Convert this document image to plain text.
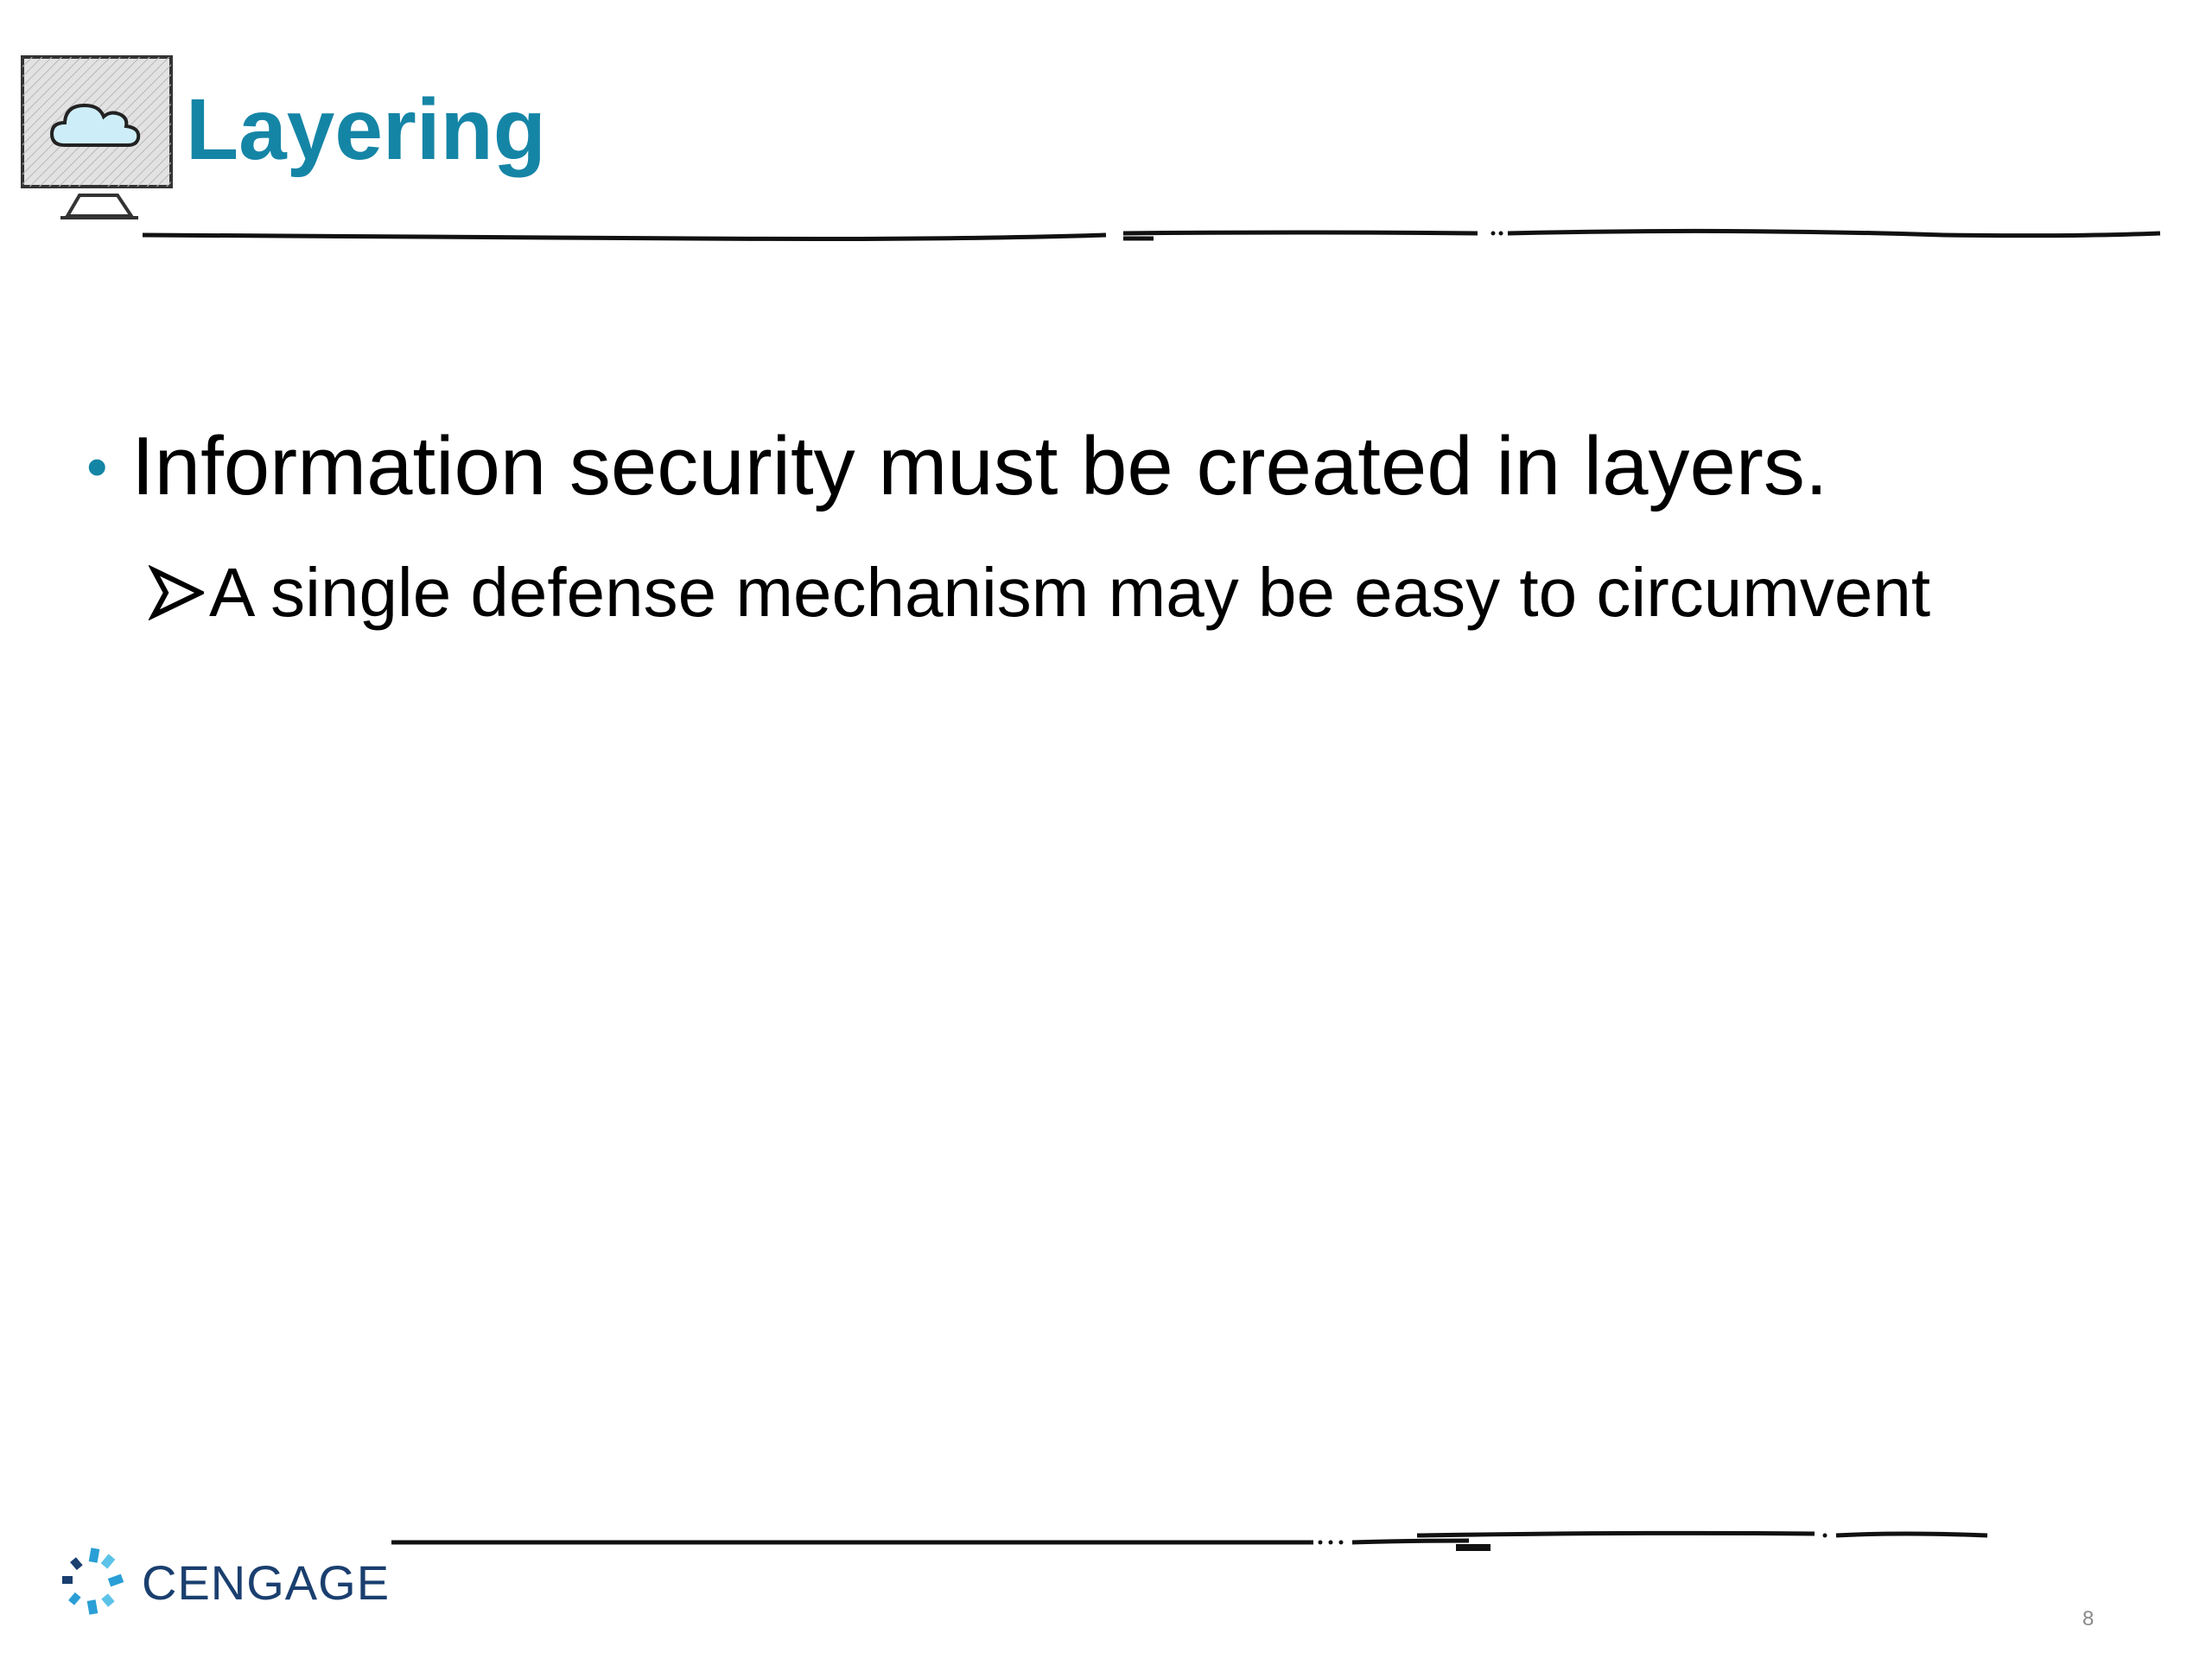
Layering
• Information security must be created in layers.
A single defense mechanism may be easy to circumvent
CENGAGE
8
